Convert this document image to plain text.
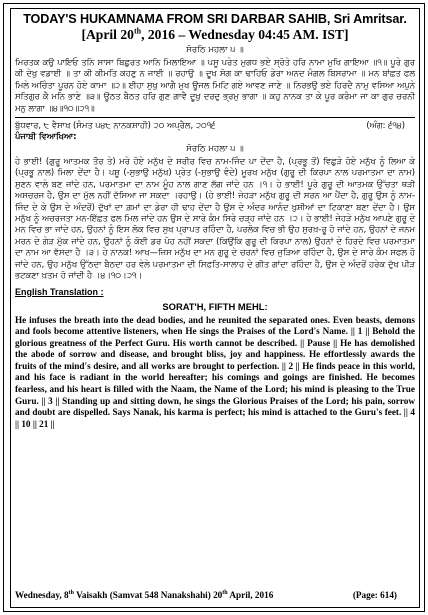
TODAY'S HUKAMNAMA FROM SRI DARBAR SAHIB, Sri Amritsar.
[April 20th, 2016 – Wednesday 04:45 AM. IST]
ਸੋਰਠਿ ਮਹਲਾ ੫ ॥
ਮਿਰਤਕ ਕਉ ਪਾਇਓ ਤਨਿ ਸਾਸਾ ਬਿਛੁਰਤ ਆਨਿ ਮਿਲਾਇਆ ॥ ਪਸੂ ਪਰੇਤ ਮੁਗਧ ਭਏ ਸ੍ਰੋਤੇ ਹਰਿ ਨਾਮਾ ਮੁਖਿ ਗਾਇਆ ॥੧॥ ਪੂਰੇ ਗੁਰ ਕੀ ਦੇਖੁ ਵਡਾਈ ॥ ਤਾ ਕੀ ਕੀਮਤਿ ਕਹਣੁ ਨ ਜਾਈ ॥ ਰਹਾਉ ॥ ਦੂਖ ਸੋਗ ਕਾ ਢਾਹਿਓ ਡੇਰਾ ਅਨਦ ਮੰਗਲ ਬਿਸਰਾਮਾ ॥ ਮਨ ਬਾਂਛਤ ਫਲ ਮਿਲੇ ਅਚਿੰਤਾ ਪੂਰਨ ਹੋਏ ਕਾਮਾ ॥੨॥ ਈਹਾ ਸੁਖੁ ਆਗੈ ਮੁਖ ਊਜਲ ਮਿਟਿ ਗਏ ਆਵਣ ਜਾਣੇ ॥ ਨਿਰਭਉ ਭਏ ਹਿਰਦੈ ਨਾਮੁ ਵਸਿਆ ਅਪੁਨੇ ਸਤਿਗੁਰ ਕੈ ਮਨਿ ਭਾਣੇ ॥੩॥ ਊਠਤ ਬੈਠਤ ਹਰਿ ਗੁਣ ਗਾਵੈ ਦੂਖੁ ਦਰਦੁ ਭ੍ਰਮੁ ਭਾਗਾ ॥ ਕਹੁ ਨਾਨਕ ਤਾ ਕੇ ਪੂਰ ਕਰੰਮਾ ਜਾ ਕਾ ਗੁਰ ਚਰਨੀ ਮਨੁ ਲਾਗਾ ॥੪॥੧੦॥੨੧॥
ਬੁੱਧਵਾਰ, ੮ ਵੈਸਾਖ (ਸੰਮਤ ੫੪੮ ਨਾਨਕਸ਼ਾਹੀ) ੨੦ ਅਪ੍ਰੈਲ, ੨੦੧੬	(ਅੰਗ: ੬੧੪)
ਪੰਜਾਬੀ ਵਿਆਖਿਆ:
ਸੋਰਠਿ ਮਹਲਾ ੫ ॥
ਹੇ ਭਾਈ! (ਗੁਰੂ ਆਤਮਕ ਤੌਰ ਤੇ) ਮਰੇ ਹੋਏ ਮਨੁੱਖ ਦੇ ਸਰੀਰ ਵਿਚ ਨਾਮ-ਜਿੰਦ ਪਾ ਦੇਂਦਾ ਹੈ, (ਪ੍ਰਭੂ ਤੋਂ) ਵਿਛੁੜੇ ਹੋਏ ਮਨੁੱਖ ਨੂੰ ਲਿਆ ਕੇ (ਪ੍ਰਭੂ ਨਾਲ) ਮਿਲਾ ਦੇਂਦਾ ਹੈ। ਪਸ਼ੂ (-ਸੁਭਾਉ ਮਨੁੱਖ) ਪ੍ਰੇਤ (-ਸੁਭਾਉ ਵੰਦੇ) ਮੂਰਖ ਮਨੁੱਖ (ਗੁਰੂ ਦੀ ਕਿਰਪਾ ਨਾਲ ਪਰਮਾਤਮਾ ਦਾ ਨਾਮ) ਸੁਣਨ ਵਾਲੇ ਬਣ ਜਾਂਦੇ ਹਨ, ਪਰਮਾਤਮਾ ਦਾ ਨਾਮ ਮੂੰਹ ਨਾਲ ਗਾਣ ਲੱਗ ਜਾਂਦੇ ਹਨ ।੧। ਹੇ ਭਾਈ! ਪੂਰੇ ਗੁਰੂ ਦੀ ਆਤਮਕ ਉੱਚਤਾ ਥੜੀ ਅਸਚਰਜ ਹੈ, ਉਸ ਦਾ ਮੁੱਲ ਨਹੀਂ ਦੱਸਿਆ ਜਾ ਸਕਦਾ ।ਰਹਾਉ। (ਹੇ ਭਾਈ! ਜੇਹੜਾ ਮਨੁੱਖ ਗੁਰੂ ਦੀ ਸਰਨ ਆ ਪੈਂਦਾ ਹੈ, ਗੁਰੂ ਉਸ ਨੂੰ ਨਾਮ-ਜਿੰਦ ਦੇ ਕੇ ਉਸ ਦੇ ਅੰਦਰੋਂ) ਦੁੱਖਾਂ ਦਾ ਗ਼ਮਾਂ ਦਾ ਡੇਰਾ ਹੀ ਢਾਹ ਦੇਂਦਾ ਹੈ ਉਸ ਦੇ ਅੰਦਰ ਆਨੰਦ ਖ਼ੁਸ਼ੀਆਂ ਦਾ ਟਿਕਾਣਾ ਬਣਾ ਦੇਂਦਾ ਹੈ। ਉਸ ਮਨੁੱਖ ਨੂੰ ਅਚਰਜਤਾ ਮਨ-ਇੱਛਤ ਫਲ ਮਿਲ ਜਾਂਦੇ ਹਨ ਉਸ ਦੇ ਸਾਰੇ ਕੰਮ ਸਿਰੇ ਚੜ੍ਹ ਜਾਂਦੇ ਹਨ ।੨। ਹੇ ਭਾਈ! ਜੇਹੜੇ ਮਨੁੱਖ ਆਪਣੇ ਗੁਰੂ ਦੇ ਮਨ ਵਿਚ ਭਾ ਜਾਂਦੇ ਹਨ, ਉਹਨਾਂ ਨੂੰ ਇਸ ਲੋਕ ਵਿਚ ਸੁਖ ਪ੍ਰਾਪਤ ਰਹਿੰਦਾ ਹੈ, ਪਰਲੋਕ ਵਿਚ ਭੀ ਉਹ ਸੁਰਖ਼-ਰੂ ਹੋ ਜਾਂਦੇ ਹਨ, ਉਹਨਾਂ ਦੇ ਜਨਮ ਮਰਨ ਦੇ ਗੇੜ ਮੁੱਕ ਜਾਂਦੇ ਹਨ, ਉਹਨਾਂ ਨੂੰ ਕੋਈ ਡਰ ਪੋਹ ਨਹੀਂ ਸਕਦਾ (ਕਿਉਂਕਿ ਗੁਰੂ ਦੀ ਕਿਰਪਾ ਨਾਲ) ਉਹਨਾਂ ਦੇ ਹਿਰਦੇ ਵਿਚ ਪਰਮਾਤਮਾ ਦਾ ਨਾਮ ਆ ਵੱਸਦਾ ਹੈ ।੩। ਹੇ ਨਾਨਕ! ਆਖ—ਜਿਸ ਮਨੁੱਖ ਦਾ ਮਨ ਗੁਰੂ ਦੇ ਚਰਨਾਂ ਵਿਚ ਜੁੜਿਆ ਰਹਿੰਦਾ ਹੈ, ਉਸ ਦੇ ਸਾਰੇ ਕੰਮ ਸਫਲ ਹੋ ਜਾਂਦੇ ਹਨ, ਉਹ ਮਨੁੱਖ ਉੱਠਦਾ ਬੈਠਦਾ ਹਰ ਵੇਲੇ ਪਰਮਾਤਮਾ ਦੀ ਸਿਫ਼ਤਿ-ਸਾਲਾਹ ਦੇ ਗੀਤ ਗਾਂਦਾ ਰਹਿੰਦਾ ਹੈ, ਉਸ ਦੇ ਅੰਦਰੋਂ ਹਰੇਕ ਦੁੱਖ ਪੀੜ ਭਟਕਣਾ ਖ਼ਤਮ ਹੋ ਜਾਂਦੀ ਹੈ ।੪।੧੦।੨੧।
English Translation :
SORAT'H, FIFTH MEHL:
He infuses the breath into the dead bodies, and he reunited the separated ones. Even beasts, demons and fools become attentive listeners, when He sings the Praises of the Lord's Name. || 1 || Behold the glorious greatness of the Perfect Guru. His worth cannot be described. || Pause || He has demolished the abode of sorrow and disease, and brought bliss, joy and happiness. He effortlessly awards the fruits of the mind's desire, and all works are brought to perfection. || 2 || He finds peace in this world, and his face is radiant in the world hereafter; his comings and goings are finished. He becomes fearless, and his heart is filled with the Naam, the Name of the Lord; his mind is pleasing to the True Guru. || 3 || Standing up and sitting down, he sings the Glorious Praises of the Lord; his pain, sorrow and doubt are dispelled. Says Nanak, his karma is perfect; his mind is attached to the Guru's feet. || 4 || 10 || 21 ||
Wednesday, 8th Vaisakh (Samvat 548 Nanakshahi) 20th April, 2016	(Page: 614)
